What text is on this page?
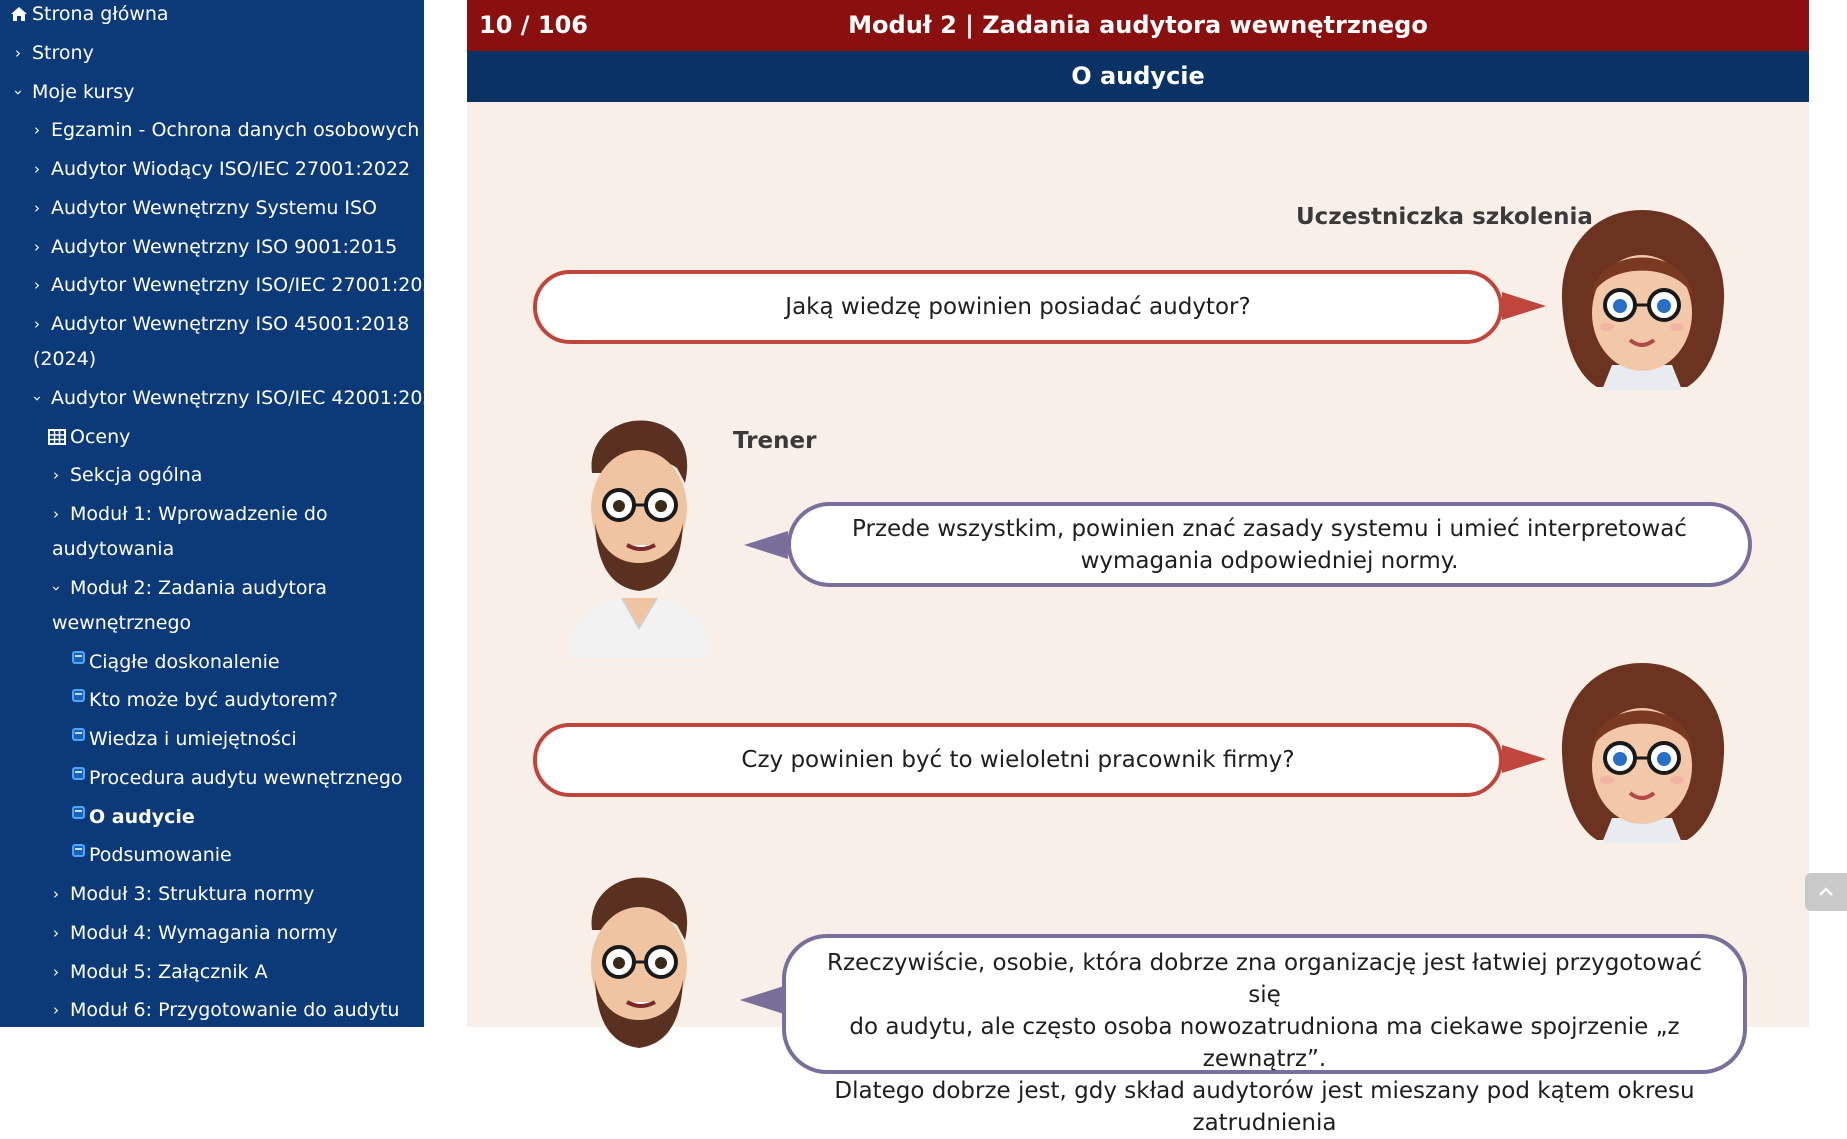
Strona główna
› Strony
› Moje kursy
› Egzamin - Ochrona danych osobowych
› Audytor Wiodący ISO/IEC 27001:2022
› Audytor Wewnętrzny Systemu ISO
› Audytor Wewnętrzny ISO 9001:2015
› Audytor Wewnętrzny ISO/IEC 27001:2022
› Audytor Wewnętrzny ISO 45001:2018
(2024)
› Audytor Wewnętrzny ISO/IEC 42001:2023
Oceny
› Sekcja ogólna
› Moduł 1: Wprowadzenie do
audytowania
› Moduł 2: Zadania audytora
wewnętrznego
Ciągłe doskonalenie
Kto może być audytorem?
Wiedza i umiejętności
Procedura audytu wewnętrznego
O audycie
Podsumowanie
› Moduł 3: Struktura normy
› Moduł 4: Wymagania normy
› Moduł 5: Załącznik A
› Moduł 6: Przygotowanie do audytu
10 / 106	Moduł 2 | Zadania audytora wewnętrznego
O audycie
Uczestniczka szkolenia
Jaką wiedzę powinien posiadać audytor?
Trener
Przede wszystkim, powinien znać zasady systemu i umieć interpretować wymagania odpowiedniej normy.
Czy powinien być to wieloletni pracownik firmy?
Rzeczywiście, osobie, która dobrze zna organizację jest łatwiej przygotować się
do audytu, ale często osoba nowozatrudniona ma ciekawe spojrzenie „z zewnątrz”.
Dlatego dobrze jest, gdy skład audytorów jest mieszany pod kątem okresu zatrudnienia
